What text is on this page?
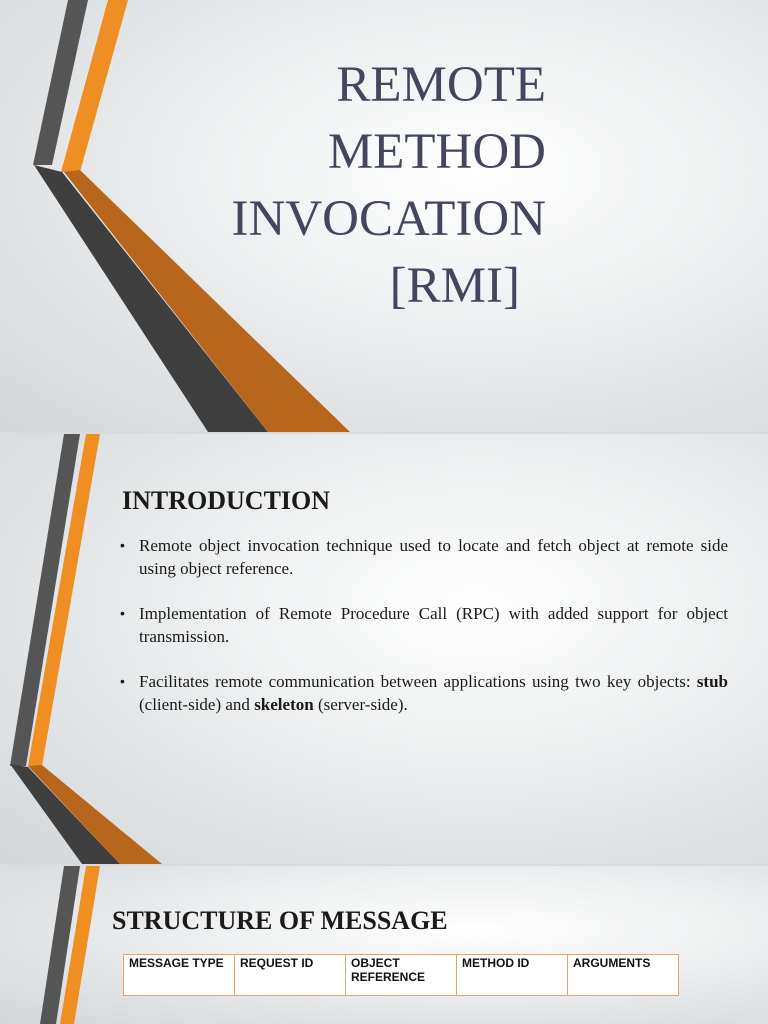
REMOTE
METHOD
INVOCATION
[RMI]
INTRODUCTION
• Remote object invocation technique used to locate and fetch object at remote side using object reference.
• Implementation of Remote Procedure Call (RPC) with added support for object transmission.
• Facilitates remote communication between applications using two key objects: stub (client-side) and skeleton (server-side).
STRUCTURE OF MESSAGE
MESSAGE TYPE	REQUEST ID	OBJECT REFERENCE	METHOD ID	ARGUMENTS
